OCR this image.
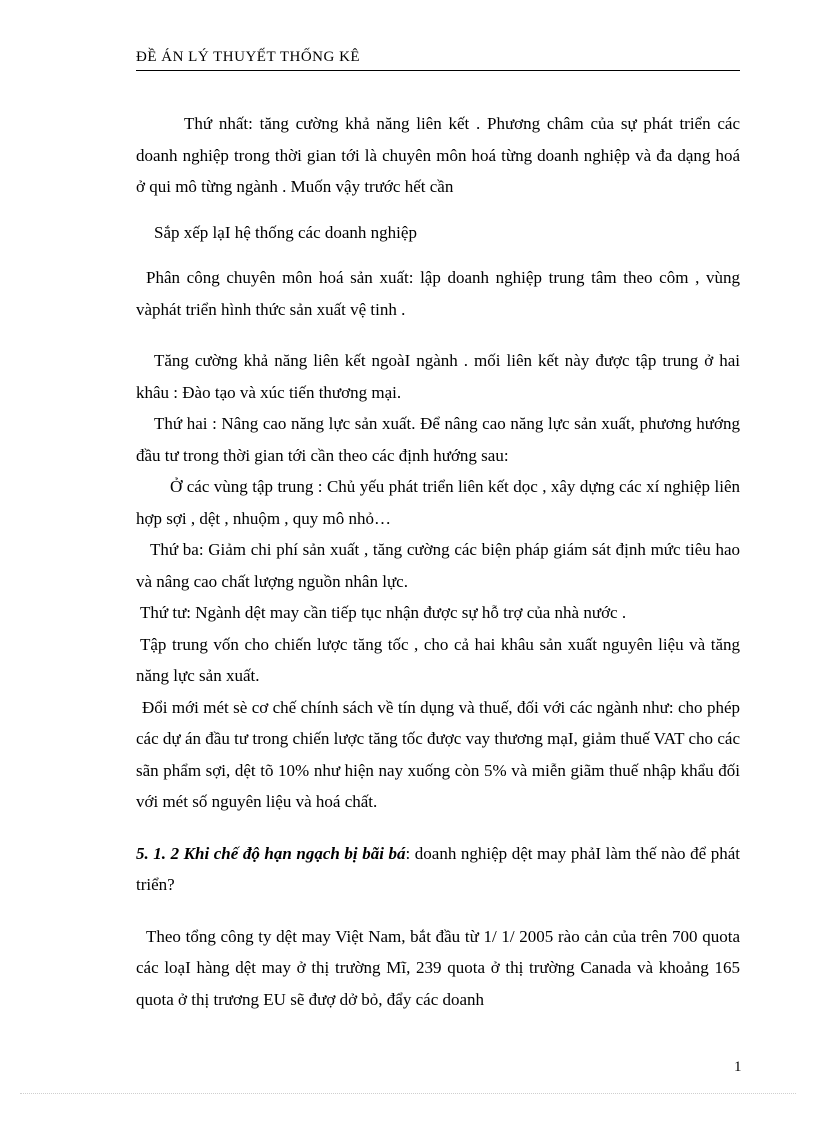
ĐỀ ÁN LÝ THUYẾT THỐNG KÊ

Thứ nhất: tăng cường khả năng liên kết . Phương châm của sự phát triển các doanh nghiệp trong thời gian tới là chuyên môn hoá từng doanh nghiệp và đa dạng hoá ở qui mô từng ngành . Muốn vậy trước hết cần

Sắp xếp lạI hệ thống các doanh nghiệp

Phân công chuyên môn hoá sản xuất: lập doanh nghiệp trung tâm theo côm , vùng vàphát triển hình thức sản xuất vệ tinh .

Tăng cường khả năng liên kết ngoàI ngành . mối liên kết này được tập trung ở hai khâu : Đào tạo và xúc tiến thương mại.

Thứ hai : Nâng cao năng lực sản xuất. Để nâng cao năng lực sản xuất, phương hướng đầu tư trong thời gian tới cần theo các định hướng sau:

Ở các vùng tập trung : Chủ yếu phát triển liên kết dọc , xây dựng các xí nghiệp liên hợp sợi , dệt , nhuộm , quy mô nhỏ…

Thứ ba: Giảm chi phí sản xuất , tăng cường các biện pháp giám sát định mức tiêu hao và nâng cao chất lượng nguồn nhân lực.

Thứ tư: Ngành dệt may cần tiếp tục nhận được sự hỗ trợ của nhà nước .

Tập trung vốn cho chiến lược tăng tốc , cho cả hai khâu sản xuất nguyên liệu và tăng năng lực sản xuất.

Đổi mới mét sè cơ chế chính sách về tín dụng và thuế, đối với các ngành như: cho phép các dự án đầu tư trong chiến lược tăng tốc được vay thương mạI, giảm thuế VAT cho các sãn phẩm sợi, dệt tõ 10% như hiện nay xuống còn 5% và miễn giãm thuế nhập khẩu đối với mét số nguyên liệu và hoá chất.

5. 1. 2 Khi chế độ hạn ngạch bị bãi bá: doanh nghiệp dệt may phảI làm thế nào để phát triển?

Theo tổng công ty dệt may Việt Nam, bắt đầu từ 1/ 1/ 2005 rào cản của trên 700 quota các loạI hàng dệt may ở thị trường Mĩ, 239 quota ở thị trường Canada và khoảng 165 quota ở thị trương EU sẽ đượ dở bỏ, đẩy các doanh

1
